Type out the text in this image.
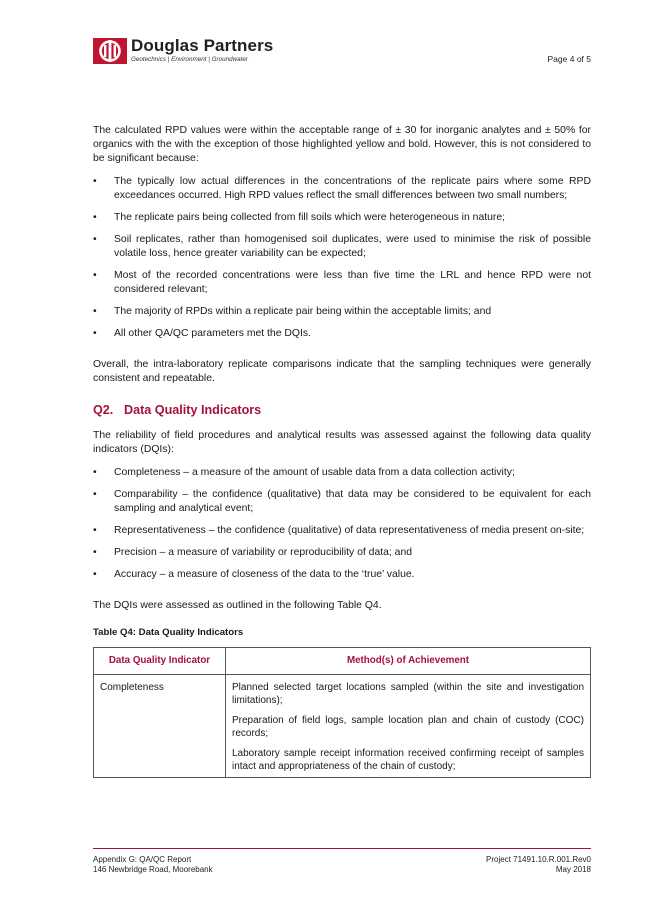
Douglas Partners
Geotechnics | Environment | Groundwater	Page 4 of 5

The calculated RPD values were within the acceptable range of ± 30 for inorganic analytes and ± 50% for organics with the with the exception of those highlighted yellow and bold. However, this is not considered to be significant because:

• The typically low actual differences in the concentrations of the replicate pairs where some RPD exceedances occurred. High RPD values reflect the small differences between two small numbers;
• The replicate pairs being collected from fill soils which were heterogeneous in nature;
• Soil replicates, rather than homogenised soil duplicates, were used to minimise the risk of possible volatile loss, hence greater variability can be expected;
• Most of the recorded concentrations were less than five time the LRL and hence RPD were not considered relevant;
• The majority of RPDs within a replicate pair being within the acceptable limits; and
• All other QA/QC parameters met the DQIs.

Overall, the intra-laboratory replicate comparisons indicate that the sampling techniques were generally consistent and repeatable.

Q2. Data Quality Indicators

The reliability of field procedures and analytical results was assessed against the following data quality indicators (DQIs):

• Completeness – a measure of the amount of usable data from a data collection activity;
• Comparability – the confidence (qualitative) that data may be considered to be equivalent for each sampling and analytical event;
• Representativeness – the confidence (qualitative) of data representativeness of media present on-site;
• Precision – a measure of variability or reproducibility of data; and
• Accuracy – a measure of closeness of the data to the ‘true’ value.

The DQIs were assessed as outlined in the following Table Q4.

Table Q4: Data Quality Indicators
Data Quality Indicator	Method(s) of Achievement
Completeness	Planned selected target locations sampled (within the site and investigation limitations);

Preparation of field logs, sample location plan and chain of custody (COC) records;

Laboratory sample receipt information received confirming receipt of samples intact and appropriateness of the chain of custody;

Appendix G: QA/QC Report
146 Newbridge Road, Moorebank
Project 71491.10.R.001.Rev0
May 2018
